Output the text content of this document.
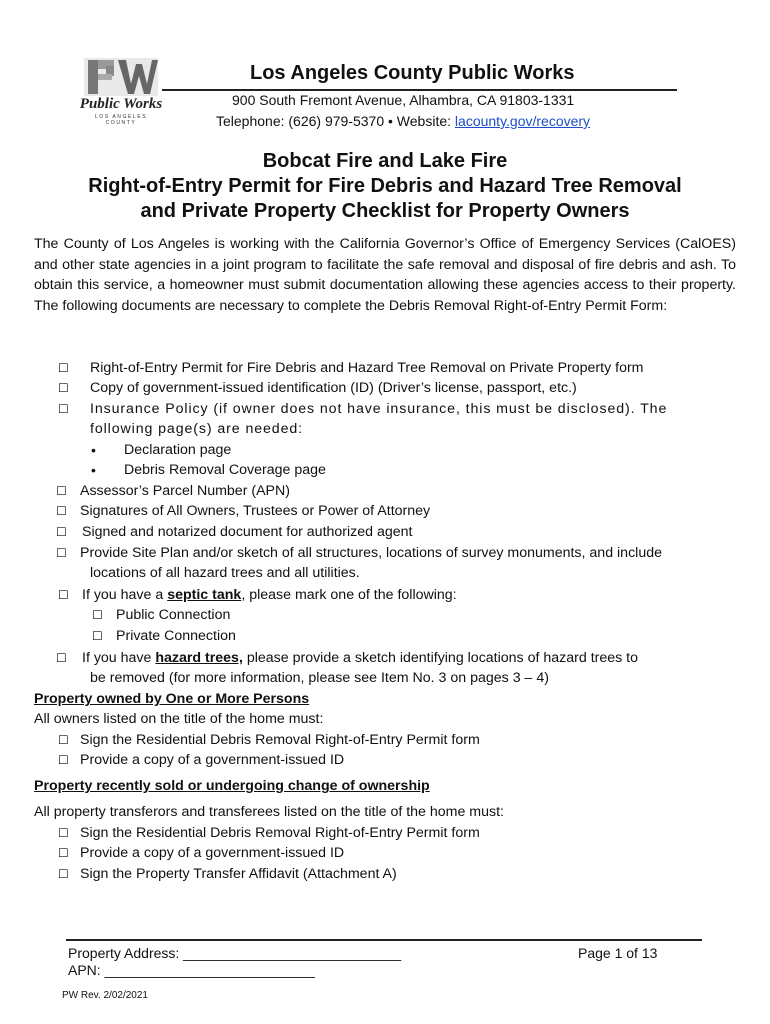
Public Works
LOS ANGELES COUNTY
Los Angeles County Public Works
900 South Fremont Avenue, Alhambra, CA 91803-1331
Telephone: (626) 979-5370 • Website: lacounty.gov/recovery
Bobcat Fire and Lake Fire
Right-of-Entry Permit for Fire Debris and Hazard Tree Removal
and Private Property Checklist for Property Owners
The County of Los Angeles is working with the California Governor’s Office of Emergency Services (CalOES) and other state agencies in a joint program to facilitate the safe removal and disposal of fire debris and ash. To obtain this service, a homeowner must submit documentation allowing these agencies access to their property. The following documents are necessary to complete the Debris Removal Right-of-Entry Permit Form:
☐
Right-of-Entry Permit for Fire Debris and Hazard Tree Removal on Private Property form
☐
Copy of government-issued identification (ID) (Driver’s license, passport, etc.)
☐
Insurance Policy (if owner does not have insurance, this must be disclosed). The
following page(s) are needed:
•
Declaration page
•
Debris Removal Coverage page
☐
Assessor’s Parcel Number (APN)
☐
Signatures of All Owners, Trustees or Power of Attorney
☐
Signed and notarized document for authorized agent
☐
Provide Site Plan and/or sketch of all structures, locations of survey monuments, and include
locations of all hazard trees and all utilities.
☐
If you have a septic tank, please mark one of the following:
☐
Public Connection
☐
Private Connection
☐
If you have hazard trees, please provide a sketch identifying locations of hazard trees to
be removed (for more information, please see Item No. 3 on pages 3 – 4)
Property owned by One or More Persons
All owners listed on the title of the home must:
☐
Sign the Residential Debris Removal Right-of-Entry Permit form
☐
Provide a copy of a government-issued ID
Property recently sold or undergoing change of ownership
All property transferors and transferees listed on the title of the home must:
☐
Sign the Residential Debris Removal Right-of-Entry Permit form
☐
Provide a copy of a government-issued ID
☐
Sign the Property Transfer Affidavit (Attachment A)
Property Address: ____________________________
APN: ___________________________
Page 1 of 13
PW Rev. 2/02/2021
